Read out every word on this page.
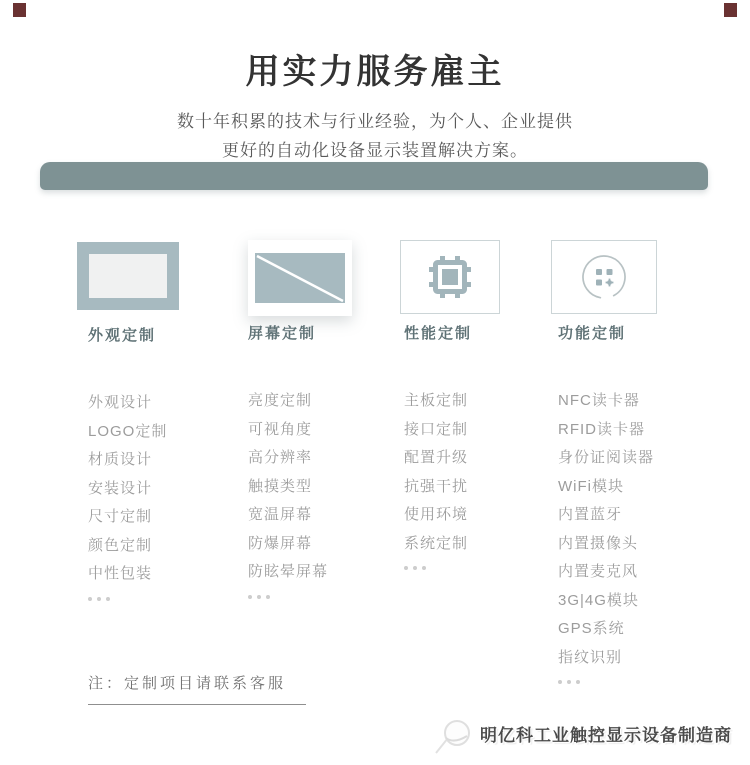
用实力服务雇主
数十年积累的技术与行业经验，为个人、企业提供
更好的自动化设备显示装置解决方案。
外观定制
外观设计
LOGO定制
材质设计
安装设计
尺寸定制
颜色定制
中性包装
屏幕定制
亮度定制
可视角度
高分辨率
触摸类型
宽温屏幕
防爆屏幕
防眩晕屏幕
性能定制
主板定制
接口定制
配置升级
抗强干扰
使用环境
系统定制
功能定制
NFC读卡器
RFID读卡器
身份证阅读器
WiFi模块
内置蓝牙
内置摄像头
内置麦克风
3G|4G模块
GPS系统
指纹识别
注：定制项目请联系客服
明亿科工业触控显示设备制造商
